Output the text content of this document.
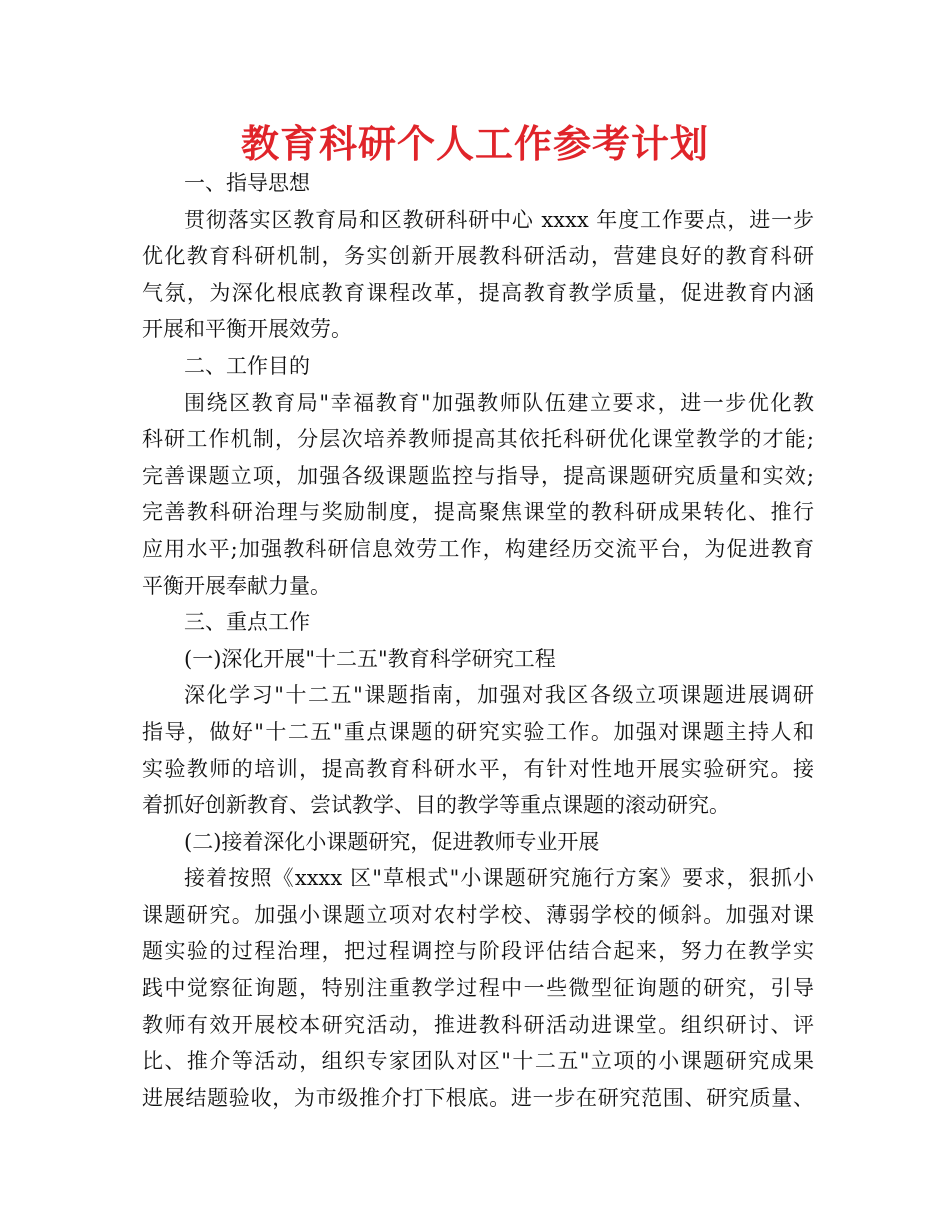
教育科研个人工作参考计划
一、指导思想
贯彻落实区教育局和区教研科研中心 xxxx 年度工作要点，进一步
优化教育科研机制，务实创新开展教科研活动，营建良好的教育科研
气氛，为深化根底教育课程改革，提高教育教学质量，促进教育内涵
开展和平衡开展效劳。
二、工作目的
围绕区教育局"幸福教育"加强教师队伍建立要求，进一步优化教
科研工作机制，分层次培养教师提高其依托科研优化课堂教学的才能;
完善课题立项，加强各级课题监控与指导，提高课题研究质量和实效;
完善教科研治理与奖励制度，提高聚焦课堂的教科研成果转化、推行
应用水平;加强教科研信息效劳工作，构建经历交流平台，为促进教育
平衡开展奉献力量。
三、重点工作
(一)深化开展"十二五"教育科学研究工程
深化学习"十二五"课题指南，加强对我区各级立项课题进展调研
指导，做好"十二五"重点课题的研究实验工作。加强对课题主持人和
实验教师的培训，提高教育科研水平，有针对性地开展实验研究。接
着抓好创新教育、尝试教学、目的教学等重点课题的滚动研究。
(二)接着深化小课题研究，促进教师专业开展
接着按照《xxxx 区"草根式"小课题研究施行方案》要求，狠抓小
课题研究。加强小课题立项对农村学校、薄弱学校的倾斜。加强对课
题实验的过程治理，把过程调控与阶段评估结合起来，努力在教学实
践中觉察征询题，特别注重教学过程中一些微型征询题的研究，引导
教师有效开展校本研究活动，推进教科研活动进课堂。组织研讨、评
比、推介等活动，组织专家团队对区"十二五"立项的小课题研究成果
进展结题验收，为市级推介打下根底。进一步在研究范围、研究质量、
